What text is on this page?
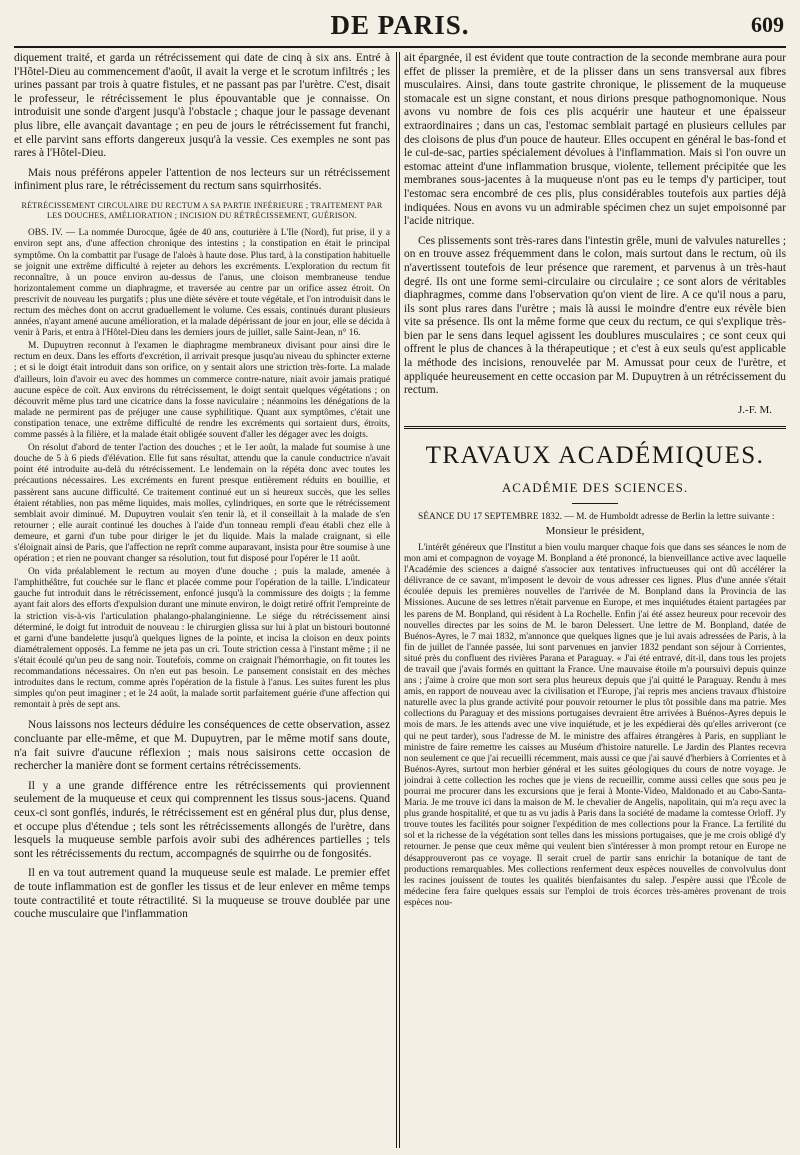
DE PARIS.	609

diquement traité, et garda un rétrécissement qui date de cinq à six ans. Entré à l'Hôtel-Dieu au commencement d'août, il avait la verge et le scrotum infiltrés ; les urines passant par trois à quatre fistules, et ne passant pas par l'urètre. C'est, disait le professeur, le rétrécissement le plus épouvantable que je connaisse. On introduisit une sonde d'argent jusqu'à l'obstacle ; chaque jour le passage devenant plus libre, elle avançait davantage ; en peu de jours le rétrécissement fut franchi, et elle parvint sans efforts dangereux jusqu'à la vessie. Ces exemples ne sont pas rares à l'Hôtel-Dieu.

Mais nous préférons appeler l'attention de nos lecteurs sur un rétrécissement infiniment plus rare, le rétrécissement du rectum sans squirrhosités.

RÉTRÉCISSEMENT CIRCULAIRE DU RECTUM A SA PARTIE INFÉRIEURE ; TRAITEMENT PAR LES DOUCHES, AMÉLIORATION ; INCISION DU RÉTRÉCISSEMENT, GUÉRISON.

OBS. IV. — La nommée Durocque, âgée de 40 ans, couturière à L'Ile (Nord), fut prise, il y a environ sept ans, d'une affection chronique des intestins ; la constipation en était le principal symptôme. On la combattit par l'usage de l'aloès à haute dose. Plus tard, à la constipation habituelle se joignit une extrême difficulté à rejeter au dehors les excréments. L'exploration du rectum fit reconnaître, à un pouce environ au-dessus de l'anus, une cloison membraneuse tendue horizontalement comme un diaphragme, et traversée au centre par un orifice assez étroit. On prescrivit de nouveau les purgatifs ; plus une diète sévère et toute végétale, et l'on introduisit dans le rectum des mèches dont on accrut graduellement le volume. Ces essais, continués durant plusieurs années, n'ayant amené aucune amélioration, et la malade dépérissant de jour en jour, elle se décida à venir à Paris, et entra à l'Hôtel-Dieu dans les derniers jours de juillet, salle Saint-Jean, n° 16.

M. Dupuytren reconnut à l'examen le diaphragme membraneux divisant pour ainsi dire le rectum en deux. Dans les efforts d'excrétion, il arrivait presque jusqu'au niveau du sphincter externe ; et si le doigt était introduit dans son orifice, on y sentait alors une striction très-forte. La malade d'ailleurs, loin d'avoir eu avec des hommes un commerce contre-nature, niait avoir jamais pratiqué aucune espèce de coït. Aux environs du rétrécissement, le doigt sentait quelques végétations ; on découvrit même plus tard une cicatrice dans la fosse naviculaire ; néanmoins les dénégations de la malade ne permirent pas de préjuger une cause syphilitique. Quant aux symptômes, c'était une constipation tenace, une extrême difficulté de rendre les excréments qui sortaient durs, étroits, comme passés à la filière, et la malade était obligée souvent d'aller les dégager avec les doigts.

On résolut d'abord de tenter l'action des douches ; et le 1er août, la malade fut soumise à une douche de 5 à 6 pieds d'élévation. Elle fut sans résultat, attendu que la canule conductrice n'avait point été introduite au-delà du rétrécissement. Le lendemain on la répéta donc avec toutes les précautions nécessaires. Les excréments en furent presque entièrement réduits en bouillie, et passèrent sans aucune difficulté. Ce traitement continué eut un si heureux succès, que les selles étaient rétablies, non pas même liquides, mais molles, cylindriques, en sorte que le rétrécissement semblait avoir diminué. M. Dupuytren voulait s'en tenir là, et il conseillait à la malade de s'en retourner ; elle aurait continué les douches à l'aide d'un tonneau rempli d'eau établi chez elle à demeure, et garni d'un tube pour diriger le jet du liquide. Mais la malade craignant, si elle s'éloignait ainsi de Paris, que l'affection ne reprît comme auparavant, insista pour être soumise à une opération ; et rien ne pouvant changer sa résolution, tout fut disposé pour l'opérer le 11 août.

On vida préalablement le rectum au moyen d'une douche ; puis la malade, amenée à l'amphithéâtre, fut couchée sur le flanc et placée comme pour l'opération de la taille. L'indicateur gauche fut introduit dans le rétrécissement, enfoncé jusqu'à la commissure des doigts ; la femme ayant fait alors des efforts d'expulsion durant une minute environ, le doigt retiré offrit l'empreinte de la striction vis-à-vis l'articulation phalango-phalanginienne. Le siége du rétrécissement ainsi déterminé, le doigt fut introduit de nouveau : le chirurgien glissa sur lui à plat un bistouri boutonné et garni d'une bandelette jusqu'à quelques lignes de la pointe, et incisa la cloison en deux points diamétralement opposés. La femme ne jeta pas un cri. Toute striction cessa à l'instant même ; il ne s'était écoulé qu'un peu de sang noir. Toutefois, comme on craignait l'hémorrhagie, on fit toutes les recommandations nécessaires. On n'en eut pas besoin. Le pansement consistait en des mèches introduites dans le rectum, comme après l'opération de la fistule à l'anus. Les suites furent les plus simples qu'on peut imaginer ; et le 24 août, la malade sortit parfaitement guérie d'une affection qui remontait à près de sept ans.

Nous laissons nos lecteurs déduire les conséquences de cette observation, assez concluante par elle-même, et que M. Dupuytren, par le même motif sans doute, n'a fait suivre d'aucune réflexion ; mais nous saisirons cette occasion de rechercher la manière dont se forment certains rétrécissements.

Il y a une grande différence entre les rétrécissements qui proviennent seulement de la muqueuse et ceux qui comprennent les tissus sous-jacens. Quand ceux-ci sont gonflés, indurés, le rétrécissement est en général plus dur, plus dense, et occupe plus d'étendue ; tels sont les rétrécissements allongés de l'urètre, dans lesquels la muqueuse semble parfois avoir subi des adhérences partielles ; tels sont les rétrécissements du rectum, accompagnés de squirrhe ou de fongosités.

Il en va tout autrement quand la muqueuse seule est malade. Le premier effet de toute inflammation est de gonfler les tissus et de leur enlever en même temps toute contractilité et toute rétractilité. Si la muqueuse se trouve doublée par une couche musculaire que l'inflammation

ait épargnée, il est évident que toute contraction de la seconde membrane aura pour effet de plisser la première, et de la plisser dans un sens transversal aux fibres musculaires. Ainsi, dans toute gastrite chronique, le plissement de la muqueuse stomacale est un signe constant, et nous dirions presque pathognomonique. Nous avons vu nombre de fois ces plis acquérir une hauteur et une épaisseur extraordinaires ; dans un cas, l'estomac semblait partagé en plusieurs cellules par des cloisons de plus d'un pouce de hauteur. Elles occupent en général le bas-fond et le cul-de-sac, parties spécialement dévolues à l'inflammation. Mais si l'on ouvre un estomac atteint d'une inflammation brusque, violente, tellement précipitée que les membranes sous-jacentes à la muqueuse n'ont pas eu le temps d'y participer, tout l'estomac sera encombré de ces plis, plus considérables toutefois aux parties déjà indiquées. Nous en avons vu un admirable spécimen chez un sujet empoisonné par l'acide nitrique.

Ces plissements sont très-rares dans l'intestin grêle, muni de valvules naturelles ; on en trouve assez fréquemment dans le colon, mais surtout dans le rectum, où ils n'avertissent toutefois de leur présence que rarement, et parvenus à un très-haut degré. Ils ont une forme semi-circulaire ou circulaire ; ce sont alors de véritables diaphragmes, comme dans l'observation qu'on vient de lire. A ce qu'il nous a paru, ils sont plus rares dans l'urètre ; mais là aussi le moindre d'entre eux révèle bien vite sa présence. Ils ont la même forme que ceux du rectum, ce qui s'explique très-bien par le sens dans lequel agissent les doublures musculaires ; ce sont ceux qui offrent le plus de chances à la thérapeutique ; et c'est à eux seuls qu'est applicable la méthode des incisions, renouvelée par M. Amussat pour ceux de l'urètre, et appliquée heureusement en cette occasion par M. Dupuytren à un rétrécissement du rectum.

J.-F. M.

TRAVAUX ACADÉMIQUES.
ACADÉMIE DES SCIENCES.

SÉANCE DU 17 SEPTEMBRE 1832. — M. de Humboldt adresse de Berlin la lettre suivante :

Monsieur le président,

L'intérêt généreux que l'Institut a bien voulu marquer chaque fois que dans ses séances le nom de mon ami et compagnon de voyage M. Bonpland a été prononcé, la bienveillance active avec laquelle l'Académie des sciences a daigné s'associer aux tentatives infructueuses qui ont dû accélérer la délivrance de ce savant, m'imposent le devoir de vous adresser ces lignes. Plus d'une année s'était écoulée depuis les premières nouvelles de l'arrivée de M. Bonpland dans la Provincia de las Missiones. Aucune de ses lettres n'était parvenue en Europe, et mes inquiétudes étaient partagées par les parens de M. Bonpland, qui résident à La Rochelle. Enfin j'ai été assez heureux pour recevoir des nouvelles directes par les soins de M. le baron Delessert. Une lettre de M. Bonpland, datée de Buénos-Ayres, le 7 mai 1832, m'annonce que quelques lignes que je lui avais adressées de Paris, à la fin de juillet de l'année passée, lui sont parvenues en janvier 1832 pendant son séjour à Corrientes, situé près du confluent des rivières Parana et Paraguay. « J'ai été entravé, dit-il, dans tous les projets de travail que j'avais formés en quittant la France. Une mauvaise étoile m'a poursuivi depuis quinze ans ; j'aime à croire que mon sort sera plus heureux depuis que j'ai quitté le Paraguay. Rendu à mes amis, en rapport de nouveau avec la civilisation et l'Europe, j'ai repris mes anciens travaux d'histoire naturelle avec la plus grande activité pour pouvoir retourner le plus tôt possible dans ma patrie. Mes collections du Paraguay et des missions portugaises devraient être arrivées à Buénos-Ayres depuis le mois de mars. Je les attends avec une vive inquiétude, et je les expédierai dès qu'elles arriveront (ce qui ne peut tarder), sous l'adresse de M. le ministre des affaires étrangères à Paris, en suppliant le ministre de faire remettre les caisses au Muséum d'histoire naturelle. Le Jardin des Plantes recevra non seulement ce que j'ai recueilli récemment, mais aussi ce que j'ai sauvé d'herbiers à Corrientes et à Buénos-Ayres, surtout mon herbier général et les suites géologiques du cours de notre voyage. Je joindrai à cette collection les roches que je viens de recueillir, comme aussi celles que sous peu je pourrai me procurer dans les excursions que je ferai à Monte-Video, Maldonado et au Cabo-Santa-Maria. Je me trouve ici dans la maison de M. le chevalier de Angelis, napolitain, qui m'a reçu avec la plus grande hospitalité, et que tu as vu jadis à Paris dans la société de madame la comtesse Orloff. J'y trouve toutes les facilités pour soigner l'expédition de mes collections pour la France. La fertilité du sol et la richesse de la végétation sont telles dans les missions portugaises, que je me crois obligé d'y retourner. Je pense que ceux même qui veulent bien s'intéresser à mon prompt retour en Europe ne désapprouveront pas ce voyage. Il serait cruel de partir sans enrichir la botanique de tant de productions remarquables. Mes collections renferment deux espèces nouvelles de convolvulus dont les racines jouissent de toutes les qualités bienfaisantes du salep. J'espère aussi que l'École de médecine fera faire quelques essais sur l'emploi de trois écorces très-amères provenant de trois espèces nou-
